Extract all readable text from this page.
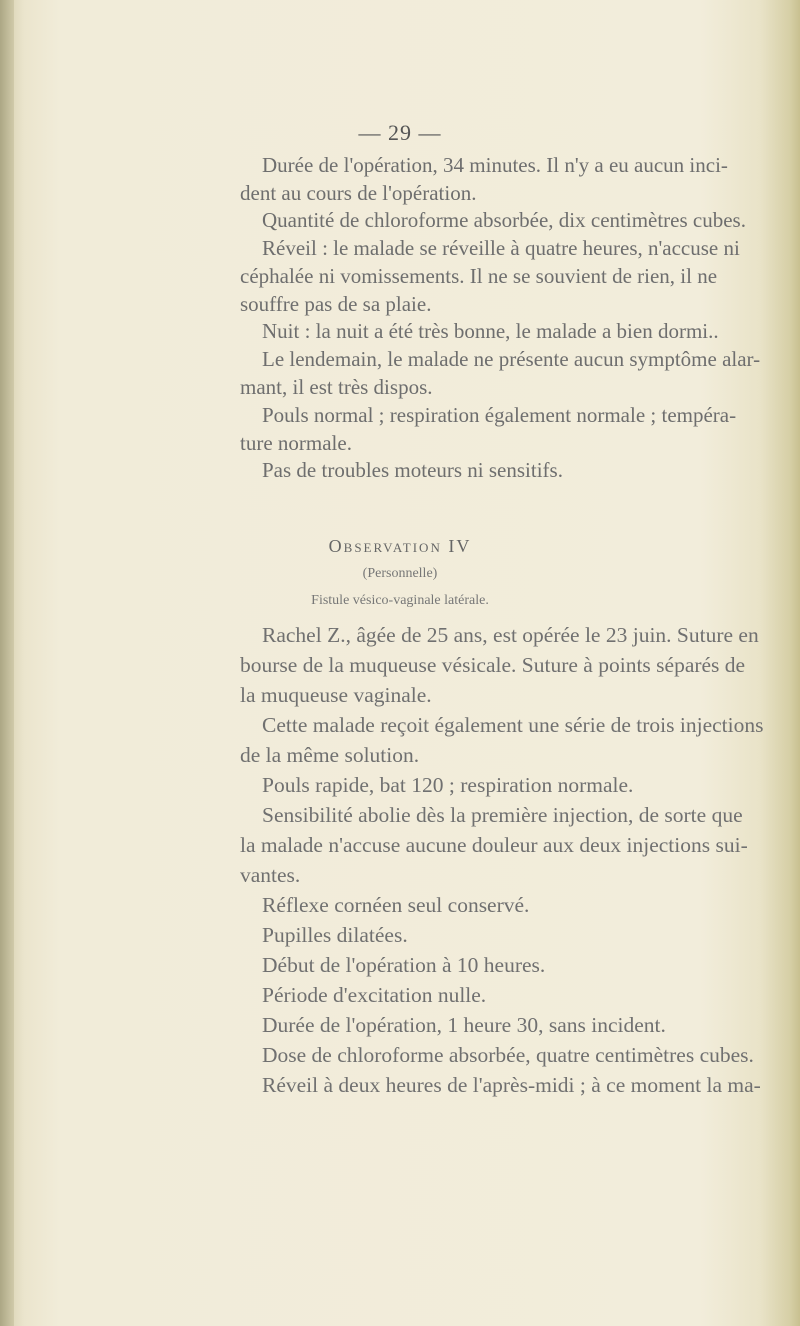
— 29 —
Durée de l'opération, 34 minutes. Il n'y a eu aucun inci-
dent au cours de l'opération.
Quantité de chloroforme absorbée, dix centimètres cubes.
Réveil : le malade se réveille à quatre heures, n'accuse ni
céphalée ni vomissements. Il ne se souvient de rien, il ne
souffre pas de sa plaie.
Nuit : la nuit a été très bonne, le malade a bien dormi..
Le lendemain, le malade ne présente aucun symptôme alar-
mant, il est très dispos.
Pouls normal ; respiration également normale ; tempéra-
ture normale.
Pas de troubles moteurs ni sensitifs.
Observation IV
(Personnelle)
Fistule vésico-vaginale latérale.
Rachel Z., âgée de 25 ans, est opérée le 23 juin. Suture en
bourse de la muqueuse vésicale. Suture à points séparés de
la muqueuse vaginale.
Cette malade reçoit également une série de trois injections
de la même solution.
Pouls rapide, bat 120 ; respiration normale.
Sensibilité abolie dès la première injection, de sorte que
la malade n'accuse aucune douleur aux deux injections sui-
vantes.
Réflexe cornéen seul conservé.
Pupilles dilatées.
Début de l'opération à 10 heures.
Période d'excitation nulle.
Durée de l'opération, 1 heure 30, sans incident.
Dose de chloroforme absorbée, quatre centimètres cubes.
Réveil à deux heures de l'après-midi ; à ce moment la ma-
